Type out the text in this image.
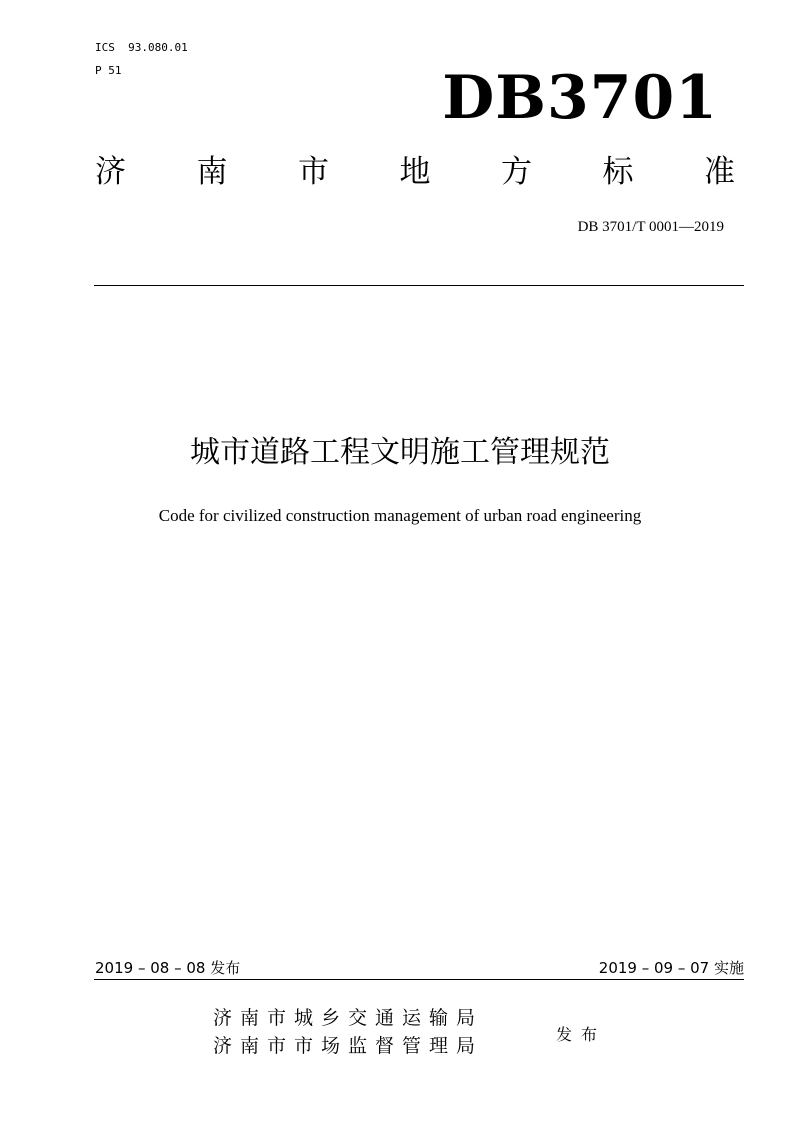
ICS  93.080.01
P 51	DB3701
济 南 市 地 方 标 准
DB 3701/T 0001—2019
城市道路工程文明施工管理规范
Code for civilized construction management of urban road engineering
2019 – 08 – 08 发布	2019 – 09 – 07 实施
济南市城乡交通运输局
济南市市场监督管理局
发布
